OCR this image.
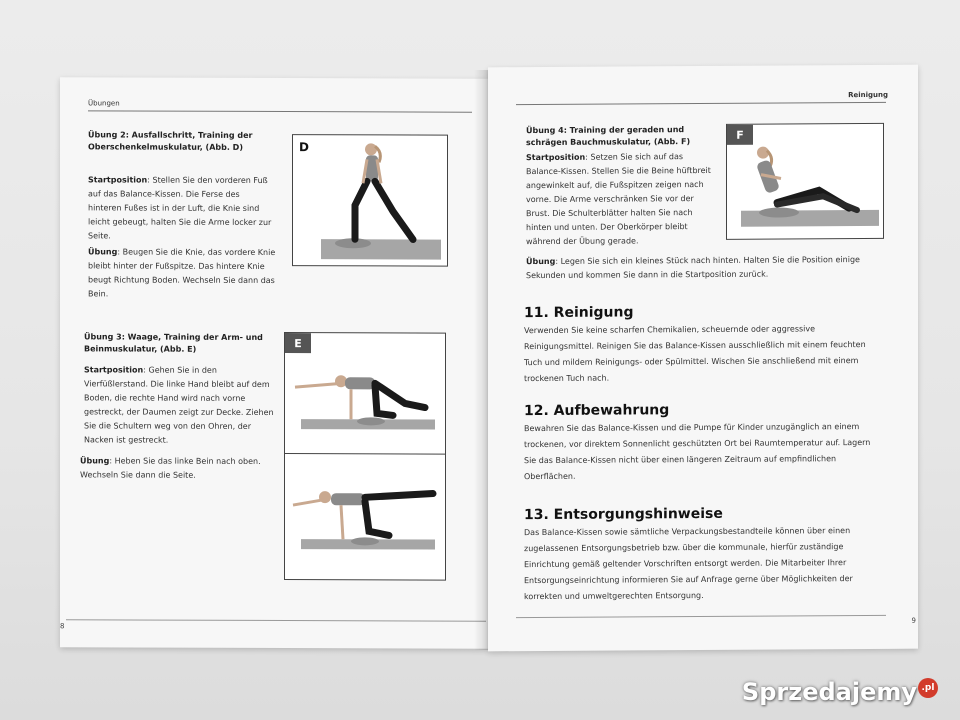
Übungen
Übung 2: Ausfallschritt, Training der Oberschenkelmuskulatur, (Abb. D)
Startposition: Stellen Sie den vorderen Fuß auf das Balance-Kissen. Die Ferse des hinteren Fußes ist in der Luft, die Knie sind leicht gebeugt, halten Sie die Arme locker zur Seite.
Übung: Beugen Sie die Knie, das vordere Knie bleibt hinter der Fußspitze. Das hintere Knie beugt Richtung Boden. Wechseln Sie dann das Bein.
D
Übung 3: Waage, Training der Arm- und Beinmuskulatur, (Abb. E)
Startposition: Gehen Sie in den Vierfüßlerstand. Die linke Hand bleibt auf dem Boden, die rechte Hand wird nach vorne gestreckt, der Daumen zeigt zur Decke. Ziehen Sie die Schultern weg von den Ohren, der Nacken ist gestreckt.
Übung: Heben Sie das linke Bein nach oben. Wechseln Sie dann die Seite.
E
8
Reinigung
Übung 4: Training der geraden und schrägen Bauchmuskulatur, (Abb. F)
Startposition: Setzen Sie sich auf das Balance-Kissen. Stellen Sie die Beine hüftbreit angewinkelt auf, die Fußspitzen zeigen nach vorne. Die Arme verschränken Sie vor der Brust. Die Schulterblätter halten Sie nach hinten und unten. Der Oberkörper bleibt während der Übung gerade.
Übung: Legen Sie sich ein kleines Stück nach hinten. Halten Sie die Position einige Sekunden und kommen Sie dann in die Startposition zurück.
F
11. Reinigung
Verwenden Sie keine scharfen Chemikalien, scheuernde oder aggressive Reinigungsmittel. Reinigen Sie das Balance-Kissen ausschließlich mit einem feuchten Tuch und mildem Reinigungs- oder Spülmittel. Wischen Sie anschließend mit einem trockenen Tuch nach.
12. Aufbewahrung
Bewahren Sie das Balance-Kissen und die Pumpe für Kinder unzugänglich an einem trockenen, vor direktem Sonnenlicht geschützten Ort bei Raumtemperatur auf. Lagern Sie das Balance-Kissen nicht über einen längeren Zeitraum auf empfindlichen Oberflächen.
13. Entsorgungshinweise
Das Balance-Kissen sowie sämtliche Verpackungsbestandteile können über einen zugelassenen Entsorgungsbetrieb bzw. über die kommunale, hierfür zuständige Einrichtung gemäß geltender Vorschriften entsorgt werden. Die Mitarbeiter Ihrer Entsorgungseinrichtung informieren Sie auf Anfrage gerne über Möglichkeiten der korrekten und umweltgerechten Entsorgung.
9
Sprzedajemy .pl
